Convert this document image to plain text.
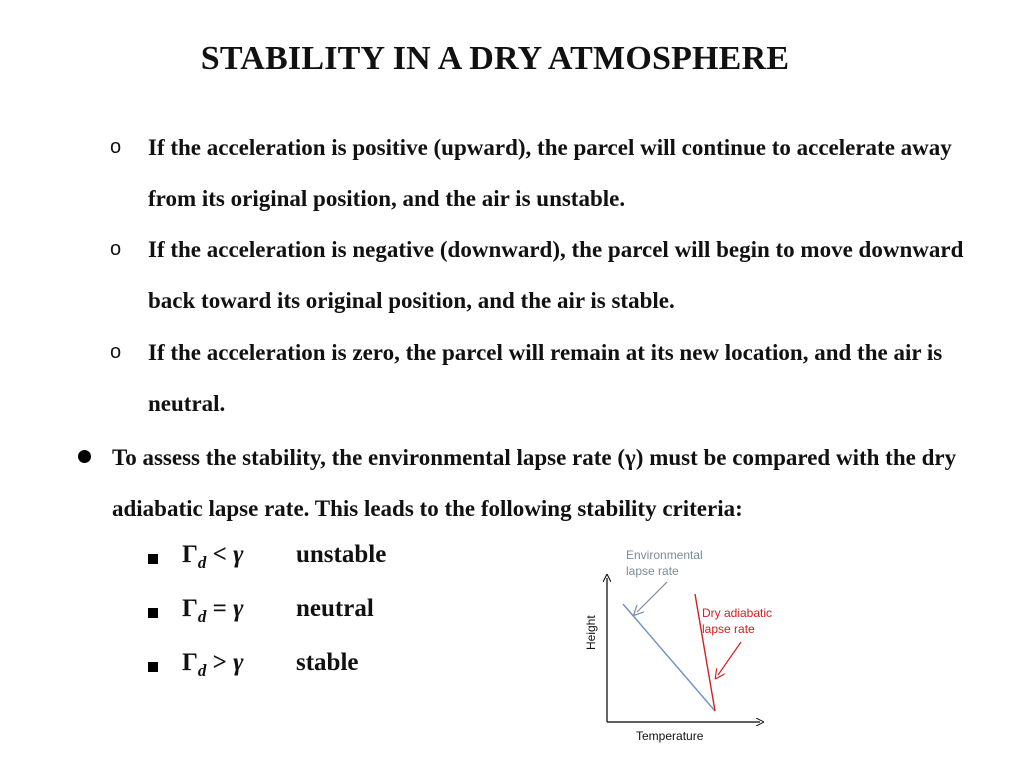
STABILITY IN A DRY ATMOSPHERE
o If the acceleration is positive (upward), the parcel will continue to accelerate away from its original position, and the air is unstable.
o If the acceleration is negative (downward), the parcel will begin to move downward back toward its original position, and the air is stable.
o If the acceleration is zero, the parcel will remain at its new location, and the air is neutral.
To assess the stability, the environmental lapse rate (γ) must be compared with the dry adiabatic lapse rate. This leads to the following stability criteria:
$\Gamma_d < \gamma$ unstable
$\Gamma_d = \gamma$ neutral
$\Gamma_d > \gamma$ stable
Environmental
lapse rate
Dry adiabatic
lapse rate
Temperature
Height
